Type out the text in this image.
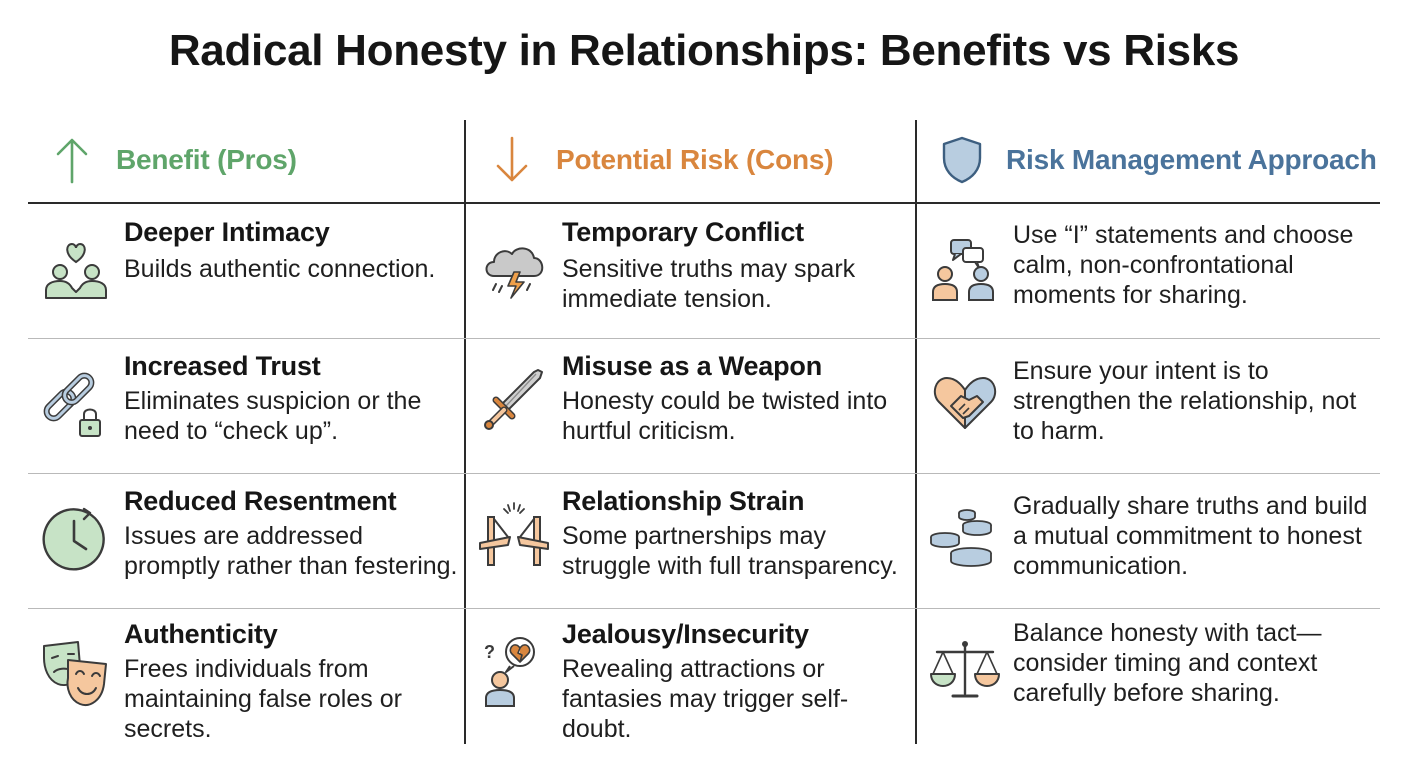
Radical Honesty in Relationships: Benefits vs Risks
Benefit (Pros)	Potential Risk (Cons)	Risk Management Approach
Deeper Intimacy
Builds authentic connection.
Temporary Conflict
Sensitive truths may spark immediate tension.
Use “I” statements and choose calm, non-confrontational moments for sharing.
Increased Trust
Eliminates suspicion or the need to “check up”.
Misuse as a Weapon
Honesty could be twisted into hurtful criticism.
Ensure your intent is to strengthen the relationship, not to harm.
Reduced Resentment
Issues are addressed promptly rather than festering.
Relationship Strain
Some partnerships may struggle with full transparency.
Gradually share truths and build a mutual commitment to honest communication.
Authenticity
Frees individuals from maintaining false roles or secrets.
?
Jealousy/Insecurity
Revealing attractions or fantasies may trigger self-doubt.
Balance honesty with tact—consider timing and context carefully before sharing.
